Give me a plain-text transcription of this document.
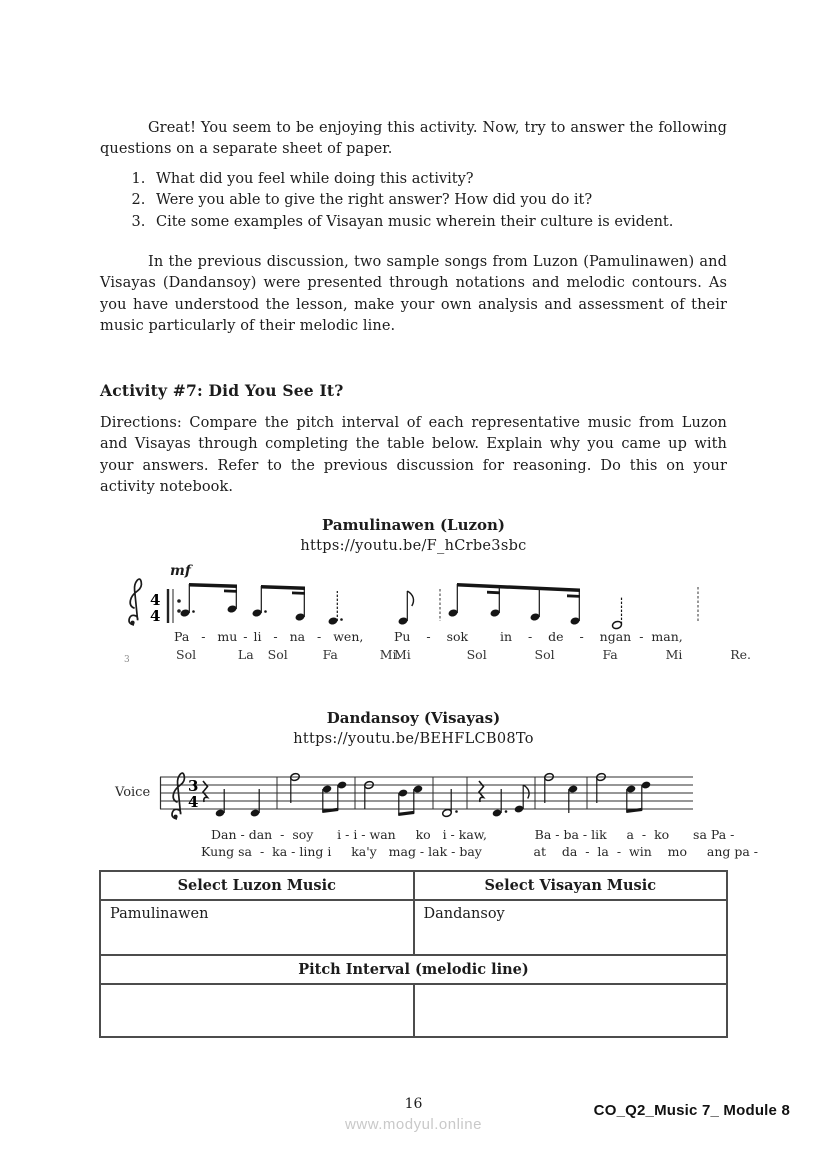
Great! You seem to be enjoying this activity. Now, try to answer the following questions on a separate sheet of paper.

1. What did you feel while doing this activity?
2. Were you able to give the right answer? How did you do it?
3. Cite some examples of Visayan music wherein their culture is evident.

In the previous discussion, two sample songs from Luzon (Pamulinawen) and Visayas (Dandansoy) were presented through notations and melodic contours. As you have understood the lesson, make your own analysis and assessment of their music particularly of their melodic line.

Activity #7: Did You See It?

Directions: Compare the pitch interval of each representative music from Luzon and Visayas through completing the table below. Explain why you came up with your answers. Refer to the previous discussion for reasoning. Do this on your activity notebook.

Pamulinawen (Luzon)
https://youtu.be/F_hCrbe3sbc
mf
4
4
Pa  -  mu - li  -  na  -  wen, Pu  -  sok    in  -  de  -  ngan - man,
Sol      La  Sol     Fa      Mi.
Mi       Sol      Sol      Fa      Mi      Re.
3
Dandansoy (Visayas)
https://youtu.be/BEHFLCB08To
Voice	3
4
Dan - dan  -  soy      i - i - wan     ko   i - kaw,            Ba - ba - lik     a  -  ko      sa Pa -
Kung sa  -  ka - ling i     ka'y   mag - lak - bay             at    da  -  la  -  win    mo     ang pa -
Select Luzon Music	Select Visayan Music
Pamulinawen	Dandansoy
Pitch Interval (melodic line)	

16
www.modyul.online
CO_Q2_Music 7_ Module 8
